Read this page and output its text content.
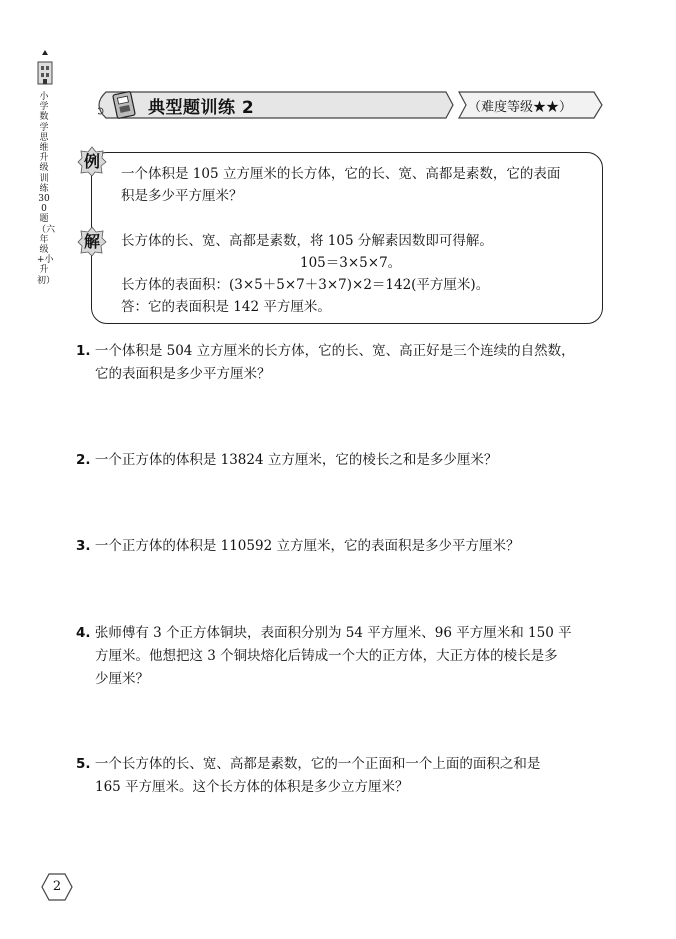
小学数学思维升级训练300题（六年级+小升初）
典型题训练 2	（难度等级★★）
例
一个体积是 105 立方厘米的长方体，它的长、宽、高都是素数，它的表面
积是多少平方厘米？
解	长方体的长、宽、高都是素数，将 105 分解素因数即可得解。
105＝3×5×7。
长方体的表面积：(3×5＋5×7＋3×7)×2＝142(平方厘米)。
答：它的表面积是 142 平方厘米。
1. 一个体积是 504 立方厘米的长方体，它的长、宽、高正好是三个连续的自然数，
它的表面积是多少平方厘米？
2. 一个正方体的体积是 13824 立方厘米，它的棱长之和是多少厘米？
3. 一个正方体的体积是 110592 立方厘米，它的表面积是多少平方厘米？
4. 张师傅有 3 个正方体铜块，表面积分别为 54 平方厘米、96 平方厘米和 150 平
方厘米。他想把这 3 个铜块熔化后铸成一个大的正方体，大正方体的棱长是多
少厘米？
5. 一个长方体的长、宽、高都是素数，它的一个正面和一个上面的面积之和是
165 平方厘米。这个长方体的体积是多少立方厘米？
2
